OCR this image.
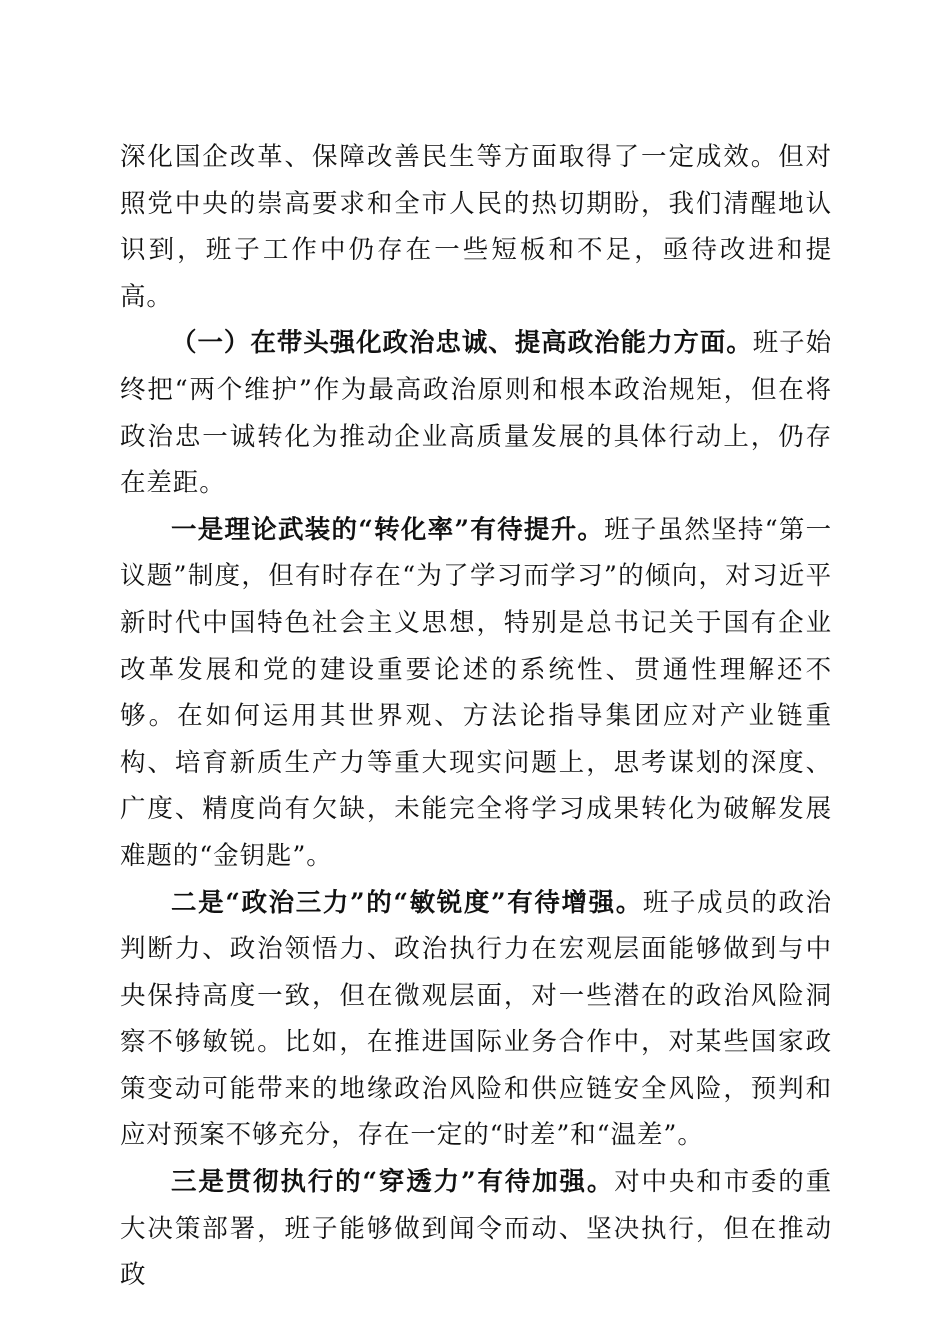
深化国企改革、保障改善民生等方面取得了一定成效。但对照党中央的崇高要求和全市人民的热切期盼，我们清醒地认识到，班子工作中仍存在一些短板和不足，亟待改进和提高。

（一）在带头强化政治忠诚、提高政治能力方面。班子始终把“两个维护”作为最高政治原则和根本政治规矩，但在将政治忠一诚转化为推动企业高质量发展的具体行动上，仍存在差距。

一是理论武装的“转化率”有待提升。班子虽然坚持“第一议题”制度，但有时存在“为了学习而学习”的倾向，对习近平新时代中国特色社会主义思想，特别是总书记关于国有企业改革发展和党的建设重要论述的系统性、贯通性理解还不够。在如何运用其世界观、方法论指导集团应对产业链重构、培育新质生产力等重大现实问题上，思考谋划的深度、广度、精度尚有欠缺，未能完全将学习成果转化为破解发展难题的“金钥匙”。

二是“政治三力”的“敏锐度”有待增强。班子成员的政治判断力、政治领悟力、政治执行力在宏观层面能够做到与中央保持高度一致，但在微观层面，对一些潜在的政治风险洞察不够敏锐。比如，在推进国际业务合作中，对某些国家政策变动可能带来的地缘政治风险和供应链安全风险，预判和应对预案不够充分，存在一定的“时差”和“温差”。

三是贯彻执行的“穿透力”有待加强。对中央和市委的重大决策部署，班子能够做到闻令而动、坚决执行，但在推动政
